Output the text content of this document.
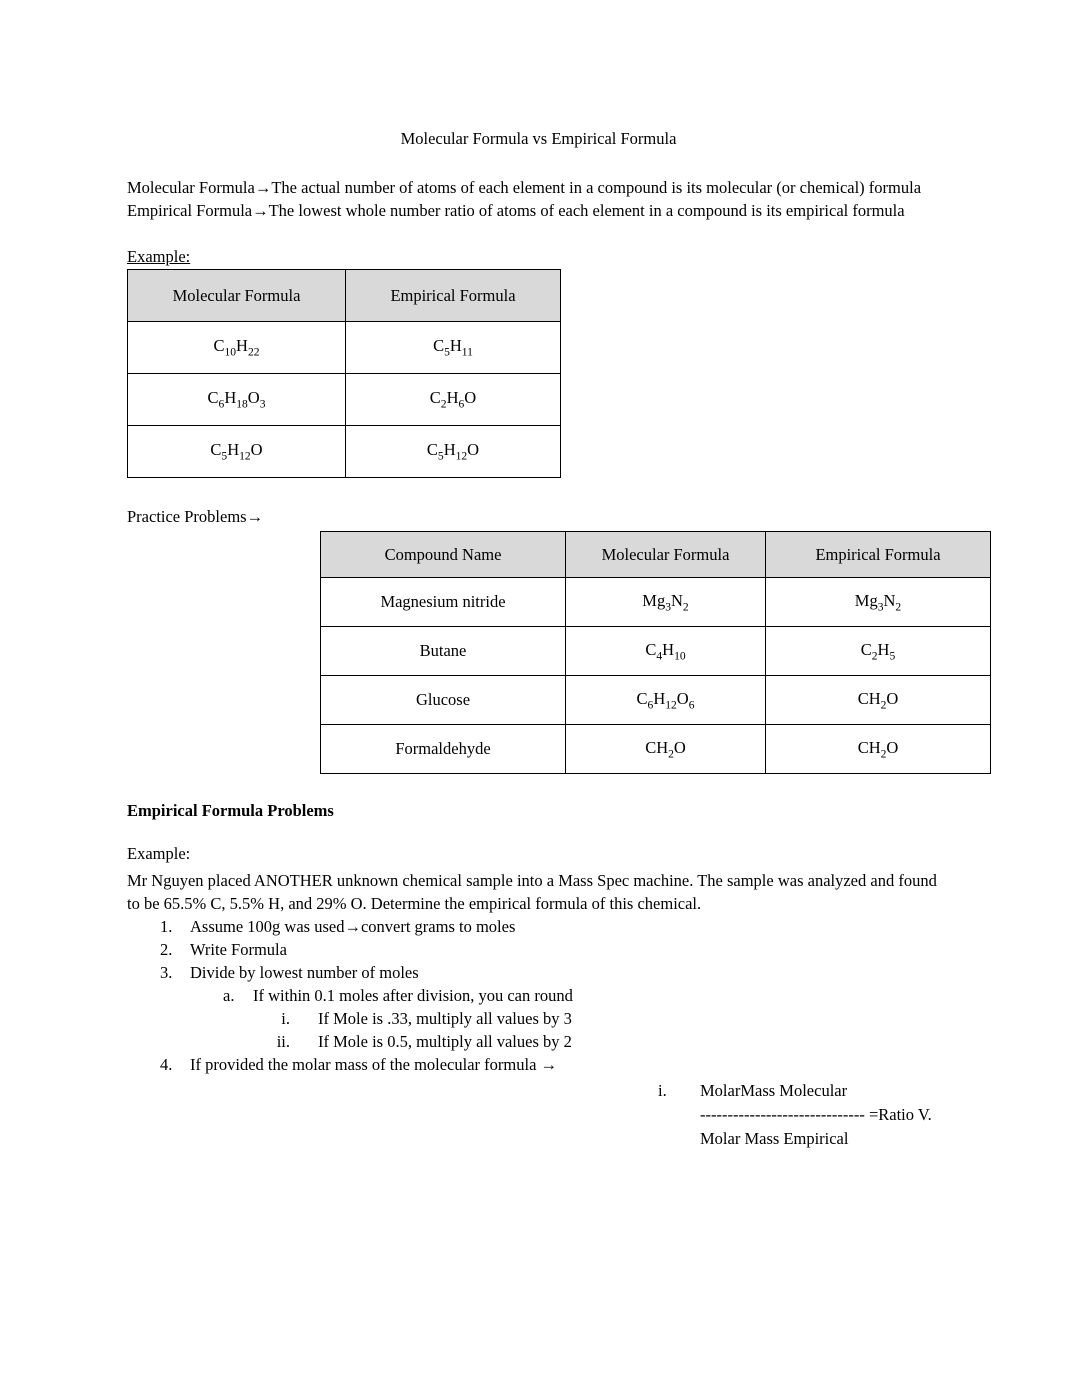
Molecular Formula vs Empirical Formula

Molecular Formula→The actual number of atoms of each element in a compound is its molecular (or chemical) formula

Empirical Formula→The lowest whole number ratio of atoms of each element in a compound is its empirical formula

Example:

Molecular Formula	Empirical Formula
$C_{10}H_{22}$	$C_5H_{11}$
$C_6H_{18}O_3$	$C_2H_6O$
$C_5H_{12}O$	$C_5H_{12}O$

Practice Problems→

Compound Name	Molecular Formula	Empirical Formula
Magnesium nitride	$Mg_3N_2$	$Mg_3N_2$
Butane	$C_4H_{10}$	$C_2H_5$
Glucose	$C_6H_{12}O_6$	$CH_2O$
Formaldehyde	$CH_2O$	$CH_2O$
Empirical Formula Problems

Example:

Mr Nguyen placed ANOTHER unknown chemical sample into a Mass Spec machine. The sample was analyzed and found to be 65.5% C, 5.5% H, and 29% O. Determine the empirical formula of this chemical.

1.	Assume 100g was used→convert grams to moles
2.	Write Formula
3.	Divide by lowest number of moles
a.	If within 0.1 moles after division, you can round
i. If Mole is .33, multiply all values by 3
ii. If Mole is 0.5, multiply all values by 2
4.	If provided the molar mass of the molecular formula →
i.	MolarMass Molecular
------------------------------ =Ratio V.
Molar Mass Empirical
